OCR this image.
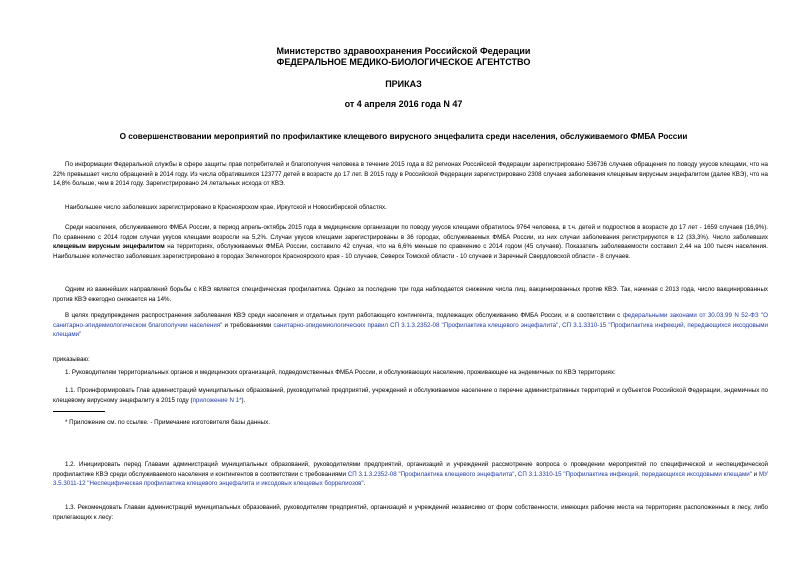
Министерство здравоохранения Российской Федерации
ФЕДЕРАЛЬНОЕ МЕДИКО-БИОЛОГИЧЕСКОЕ АГЕНТСТВО
ПРИКАЗ
от 4 апреля 2016 года N 47
О совершенствовании мероприятий по профилактике клещевого вирусного энцефалита среди населения, обслуживаемого ФМБА России
По информации Федеральной службы в сфере защиты прав потребителей и благополучия человека в течение 2015 года в 82 регионах Российской Федерации зарегистрировано 536736 случаев обращения по поводу укусов клещами, что на 22% превышает число обращений в 2014 году. Из числа обратившихся 123777 детей в возрасте до 17 лет. В 2015 году в Российской Федерации зарегистрировано 2308 случаев заболевания клещевым вирусным энцефалитом (далее КВЭ), что на 14,8% больше, чем в 2014 году. Зарегистрировано 24 летальных исхода от КВЭ.
Наибольшее число заболевших зарегистрировано в Красноярском крае, Иркутской и Новосибирской областях.
Среди населения, обслуживаемого ФМБА России, в период апрель-октябрь 2015 года в медицинские организации по поводу укусов клещами обратилось 9764 человека, в т.ч. детей и подростков в возрасте до 17 лет - 1659 случаев (16,9%). По сравнению с 2014 годом случаи укусов клещами возросли на 5,2%. Случаи укусов клещами зарегистрированы в 36 городах, обслуживаемых ФМБА России, из них случаи заболевания регистрируются в 12 (33,3%). Число заболевших клещевым вирусным энцефалитом на территориях, обслуживаемых ФМБА России, составило 42 случая, что на 6,6% меньше по сравнению с 2014 годом (45 случаев). Показатель заболеваемости составил 2,44 на 100 тысяч населения. Наибольшее количество заболевших зарегистрировано в городах Зеленогорск Красноярского края - 10 случаев, Северск Томской области - 10 случаев и Заречный Свердловской области - 8 случаев.
Одним из важнейших направлений борьбы с КВЭ является специфическая профилактика. Однако за последние три года наблюдается снижение числа лиц, вакцинированных против КВЭ. Так, начиная с 2013 года, число вакцинированных против КВЭ ежегодно снижается на 14%.
В целях предупреждения распространения заболевания КВЭ среди населения и отдельных групп работающего контингента, подлежащих обслуживанию ФМБА России, и в соответствии с федеральными законами от 30.03.99 N 52-ФЗ "О санитарно-эпидемиологическом благополучии населения" и требованиями санитарно-эпидемиологических правил СП 3.1.3.2352-08 "Профилактика клещевого энцефалита", СП 3.1.3310-15 "Профилактика инфекций, передающихся иксодовыми клещами"
приказываю:
1. Руководителям территориальных органов и медицинских организаций, подведомственных ФМБА России, и обслуживающих население, проживающее на эндемичных по КВЭ территориях:
1.1. Проинформировать Глав администраций муниципальных образований, руководителей предприятий, учреждений и обслуживаемое население о перечне административных территорий и субъектов Российской Федерации, эндемичных по клещевому вирусному энцефалиту в 2015 году (приложение N 1*).
* Приложение см. по ссылке. - Примечание изготовителя базы данных.
1.2. Инициировать перед Главами администраций муниципальных образований, руководителями предприятий, организаций и учреждений рассмотрение вопроса о проведении мероприятий по специфической и неспецифической профилактике КВЭ среди обслуживаемого населения и контингентов в соответствии с требованиями СП 3.1.3.2352-08 "Профилактика клещевого энцефалита", СП 3.1.3310-15 "Профилактика инфекций, передающихся иксодовыми клещами" и МУ 3.5.3011-12 "Неспецифическая профилактика клещевого энцефалита и иксодовых клещевых боррелиозов".
1.3. Рекомендовать Главам администраций муниципальных образований, руководителям предприятий, организаций и учреждений независимо от форм собственности, имеющих рабочие места на территориях расположенных в лесу, либо прилегающих к лесу:
